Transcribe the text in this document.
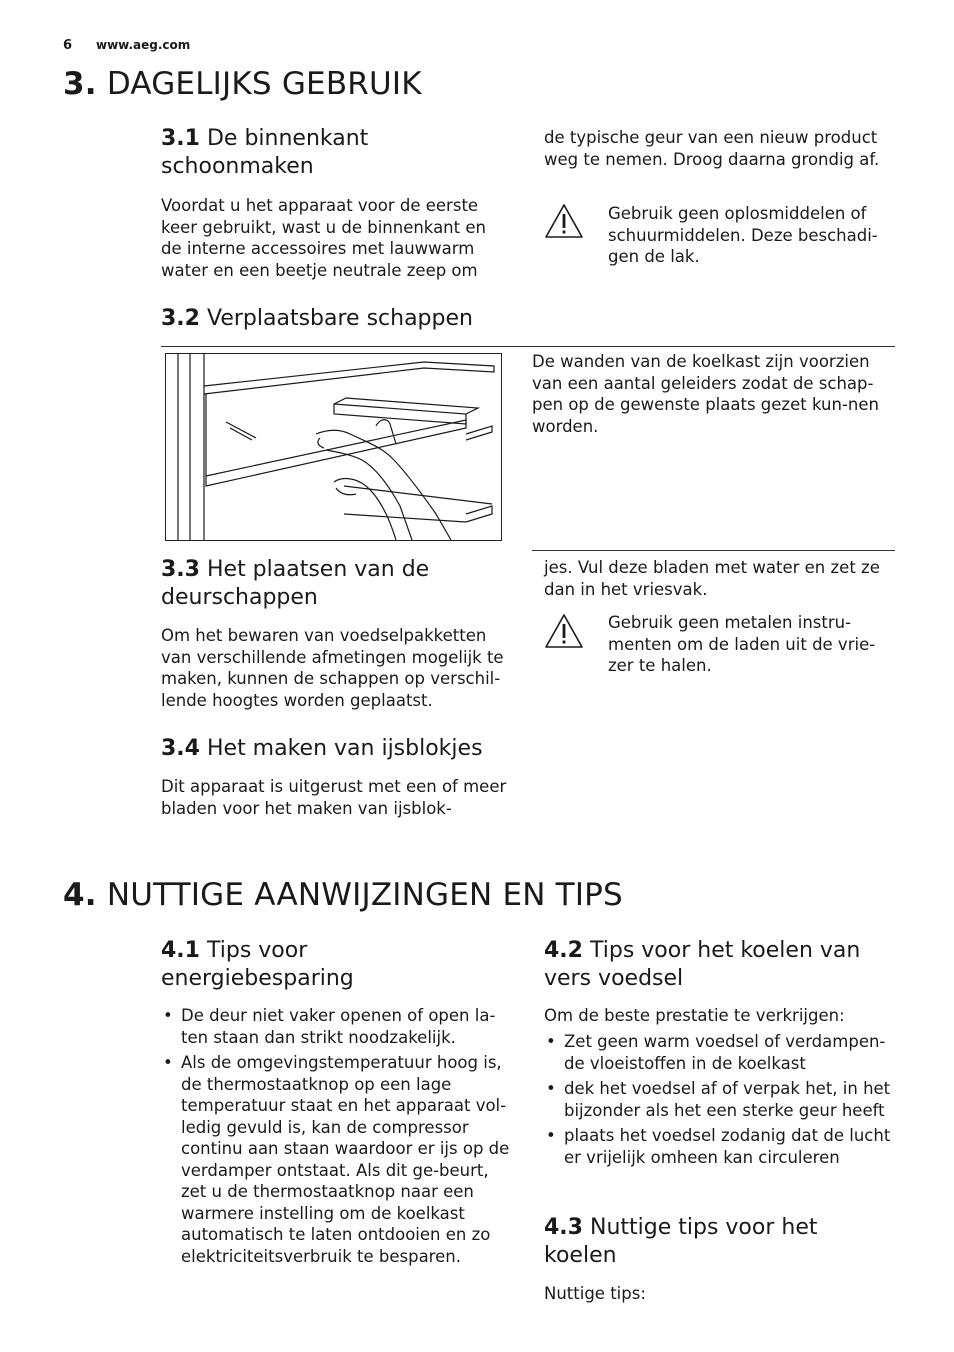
6 www.aeg.com
3. DAGELIJKS GEBRUIK
3.1 De binnenkant
schoonmaken
Voordat u het apparaat voor de eerste keer gebruikt, wast u de binnenkant en de interne accessoires met lauwwarm water en een beetje neutrale zeep om
de typische geur van een nieuw product weg te nemen. Droog daarna grondig af.
Gebruik geen oplosmiddelen of schuurmiddelen. Deze beschadi-gen de lak.
3.2 Verplaatsbare schappen
De wanden van de koelkast zijn voorzien van een aantal geleiders zodat de schap-pen op de gewenste plaats gezet kun-nen worden.
3.3 Het plaatsen van de
deurschappen
Om het bewaren van voedselpakketten van verschillende afmetingen mogelijk te maken, kunnen de schappen op verschil-lende hoogtes worden geplaatst.
3.4 Het maken van ijsblokjes
Dit apparaat is uitgerust met een of meer bladen voor het maken van ijsblok-
jes. Vul deze bladen met water en zet ze dan in het vriesvak.
Gebruik geen metalen instru-menten om de laden uit de vrie-zer te halen.
4. NUTTIGE AANWIJZINGEN EN TIPS
4.1 Tips voor
energiebesparing
• De deur niet vaker openen of open la-ten staan dan strikt noodzakelijk.
• Als de omgevingstemperatuur hoog is, de thermostaatknop op een lage temperatuur staat en het apparaat vol-ledig gevuld is, kan de compressor continu aan staan waardoor er ijs op de verdamper ontstaat. Als dit ge-beurt, zet u de thermostaatknop naar een warmere instelling om de koelkast automatisch te laten ontdooien en zo elektriciteitsverbruik te besparen.
4.2 Tips voor het koelen van
vers voedsel
Om de beste prestatie te verkrijgen:
• Zet geen warm voedsel of verdampen-de vloeistoffen in de koelkast
• dek het voedsel af of verpak het, in het bijzonder als het een sterke geur heeft
• plaats het voedsel zodanig dat de lucht er vrijelijk omheen kan circuleren
4.3 Nuttige tips voor het
koelen
Nuttige tips:
